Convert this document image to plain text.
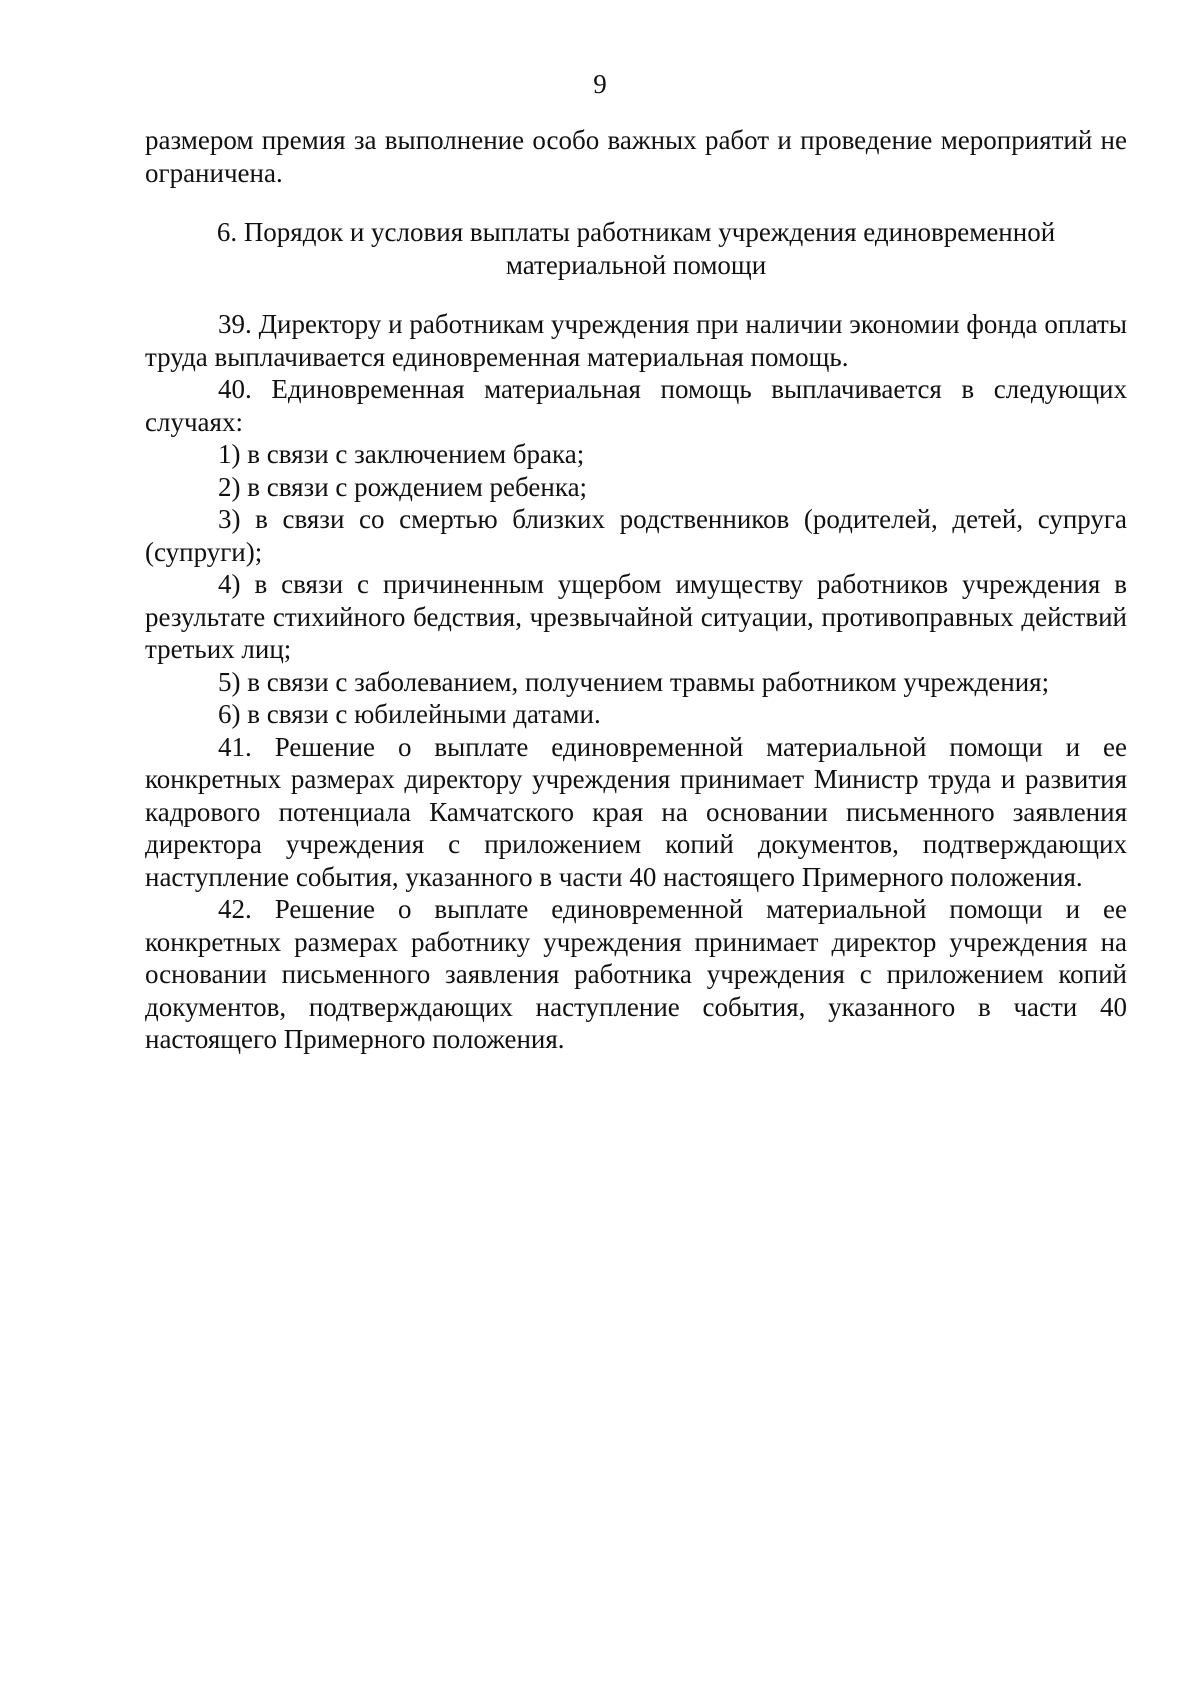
9

размером премия за выполнение особо важных работ и проведение мероприятий не ограничена.

6. Порядок и условия выплаты работникам учреждения единовременной материальной помощи

39. Директору и работникам учреждения при наличии экономии фонда оплаты труда выплачивается единовременная материальная помощь.

40. Единовременная материальная помощь выплачивается в следующих случаях:

1) в связи с заключением брака;

2) в связи с рождением ребенка;

3) в связи со смертью близких родственников (родителей, детей, супруга (супруги);

4) в связи с причиненным ущербом имуществу работников учреждения в результате стихийного бедствия, чрезвычайной ситуации, противоправных действий третьих лиц;

5) в связи с заболеванием, получением травмы работником учреждения;

6) в связи с юбилейными датами.

41. Решение о выплате единовременной материальной помощи и ее конкретных размерах директору учреждения принимает Министр труда и развития кадрового потенциала Камчатского края на основании письменного заявления директора учреждения с приложением копий документов, подтверждающих наступление события, указанного в части 40 настоящего Примерного положения.

42. Решение о выплате единовременной материальной помощи и ее конкретных размерах работнику учреждения принимает директор учреждения на основании письменного заявления работника учреждения с приложением копий документов, подтверждающих наступление события, указанного в части 40 настоящего Примерного положения.
